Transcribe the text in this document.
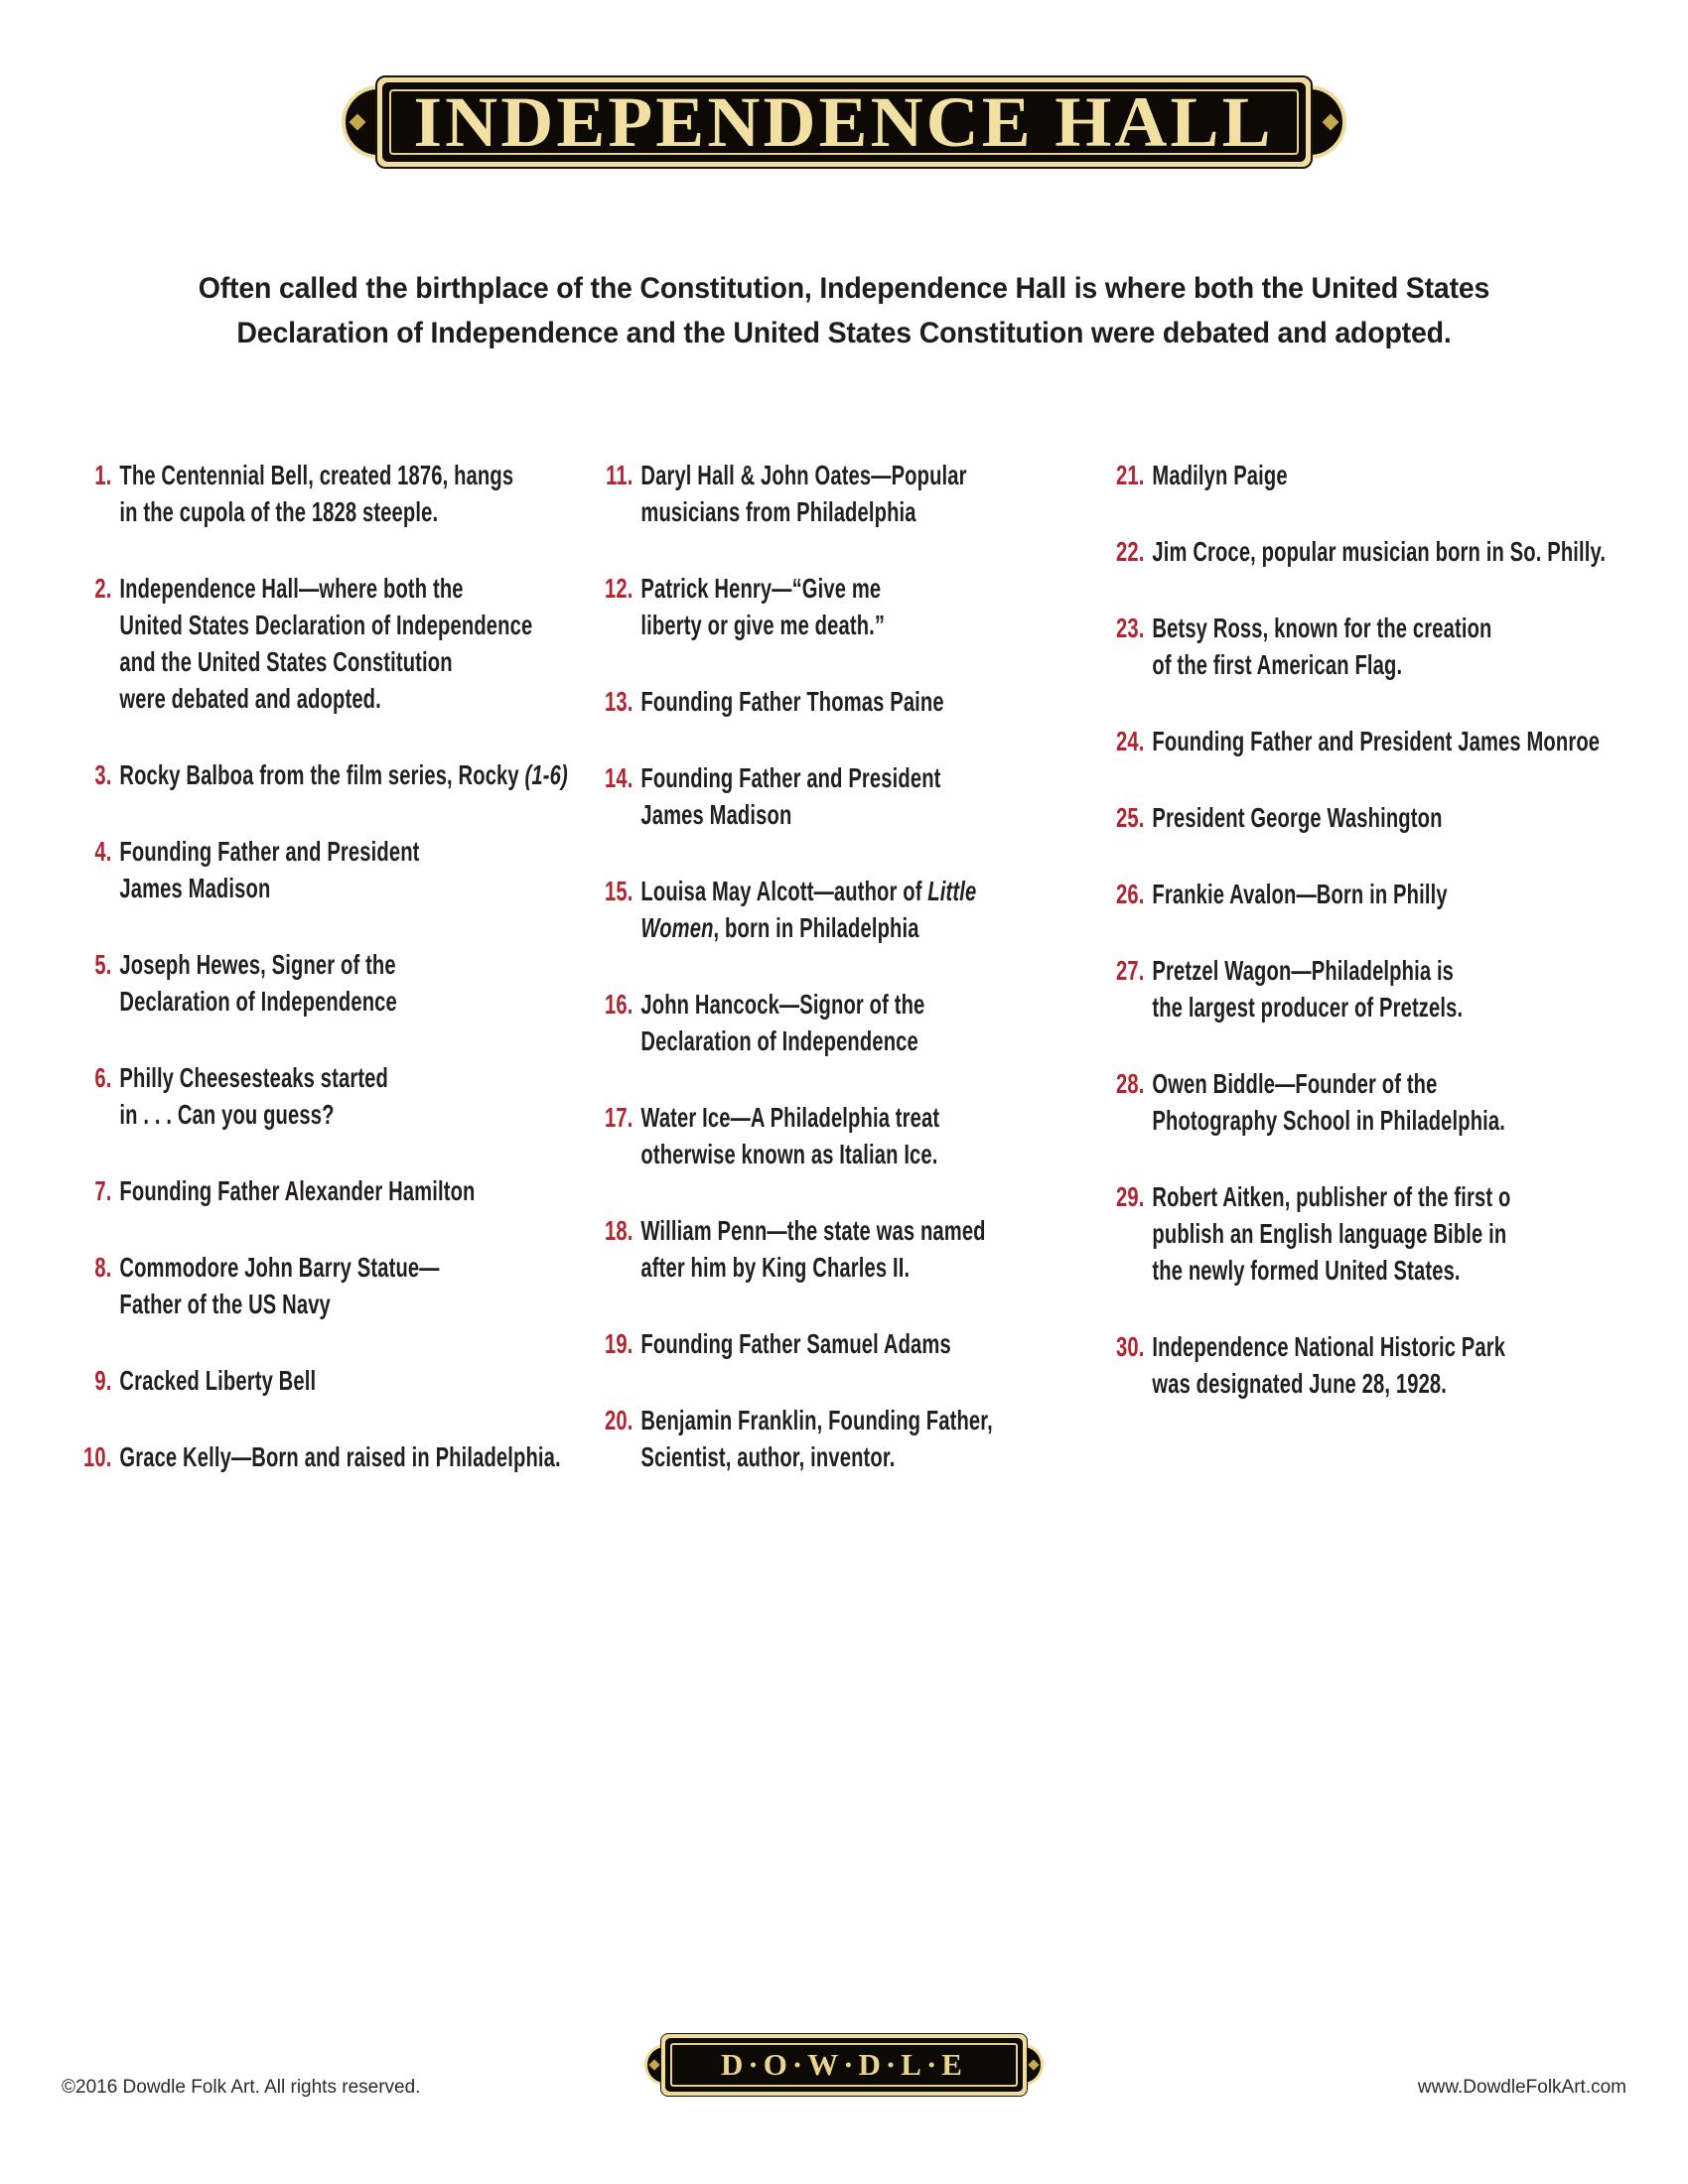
INDEPENDENCE HALL
Often called the birthplace of the Constitution, Independence Hall is where both the United States
Declaration of Independence and the United States Constitution were debated and adopted.
1. The Centennial Bell, created 1876, hangs
in the cupola of the 1828 steeple.
2. Independence Hall—where both the
United States Declaration of Independence
and the United States Constitution
were debated and adopted.
3. Rocky Balboa from the film series, Rocky (1-6)
4. Founding Father and President
James Madison
5. Joseph Hewes, Signer of the
Declaration of Independence
6. Philly Cheesesteaks started
in . . . Can you guess?
7. Founding Father Alexander Hamilton
8. Commodore John Barry Statue—
Father of the US Navy
9. Cracked Liberty Bell
10. Grace Kelly—Born and raised in Philadelphia.
11. Daryl Hall & John Oates—Popular
musicians from Philadelphia
12. Patrick Henry—“Give me
liberty or give me death.”
13. Founding Father Thomas Paine
14. Founding Father and President
James Madison
15. Louisa May Alcott—author of Little
Women, born in Philadelphia
16. John Hancock—Signor of the
Declaration of Independence
17. Water Ice—A Philadelphia treat
otherwise known as Italian Ice.
18. William Penn—the state was named
after him by King Charles II.
19. Founding Father Samuel Adams
20. Benjamin Franklin, Founding Father,
Scientist, author, inventor.
21. Madilyn Paige
22. Jim Croce, popular musician born in So. Philly.
23. Betsy Ross, known for the creation
of the first American Flag.
24. Founding Father and President James Monroe
25. President George Washington
26. Frankie Avalon—Born in Philly
27. Pretzel Wagon—Philadelphia is
the largest producer of Pretzels.
28. Owen Biddle—Founder of the
Photography School in Philadelphia.
29. Robert Aitken, publisher of the first o
publish an English language Bible in
the newly formed United States.
30. Independence National Historic Park
was designated June 28, 1928.
D·O·W·D·L·E
©2016 Dowdle Folk Art. All rights reserved.	www.DowdleFolkArt.com
